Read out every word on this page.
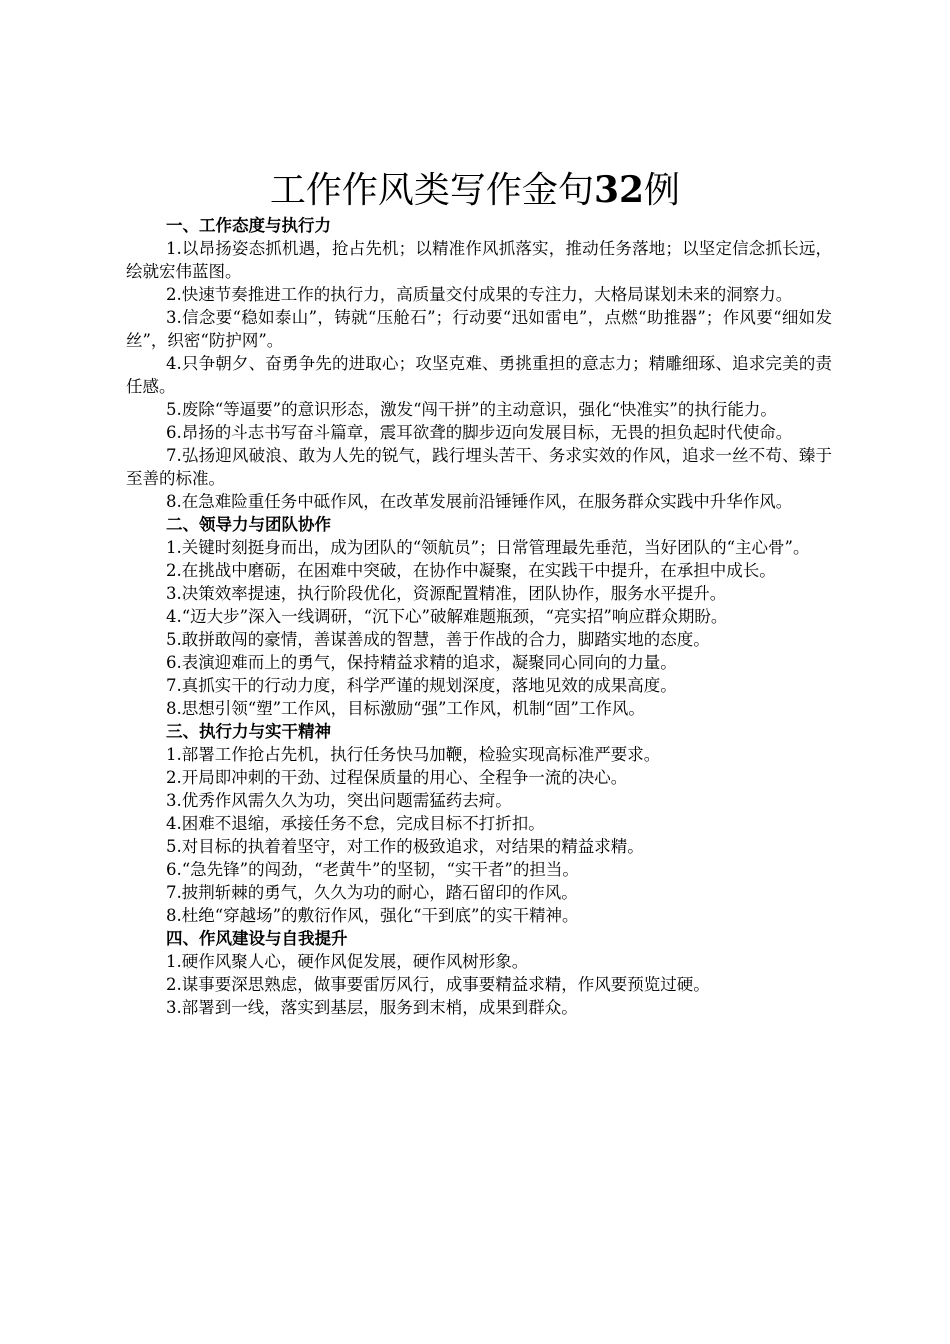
工作作风类写作金句32例

一、工作态度与执行力

1.以昂扬姿态抓机遇，抢占先机；以精准作风抓落实，推动任务落地；以坚定信念抓长远，绘就宏伟蓝图。

2.快速节奏推进工作的执行力，高质量交付成果的专注力，大格局谋划未来的洞察力。

3.信念要“稳如泰山”，铸就“压舱石”；行动要“迅如雷电”，点燃“助推器”；作风要“细如发丝”，织密“防护网”。

4.只争朝夕、奋勇争先的进取心；攻坚克难、勇挑重担的意志力；精雕细琢、追求完美的责任感。

5.废除“等逼要”的意识形态，激发“闯干拼”的主动意识，强化“快准实”的执行能力。

6.昂扬的斗志书写奋斗篇章，震耳欲聋的脚步迈向发展目标，无畏的担负起时代使命。

7.弘扬迎风破浪、敢为人先的锐气，践行埋头苦干、务求实效的作风，追求一丝不苟、臻于至善的标准。

8.在急难险重任务中砥作风，在改革发展前沿锤锤作风，在服务群众实践中升华作风。

二、领导力与团队协作

1.关键时刻挺身而出，成为团队的“领航员”；日常管理最先垂范，当好团队的“主心骨”。

2.在挑战中磨砺，在困难中突破，在协作中凝聚，在实践干中提升，在承担中成长。

3.决策效率提速，执行阶段优化，资源配置精准，团队协作，服务水平提升。

4.“迈大步”深入一线调研，“沉下心”破解难题瓶颈，“亮实招”响应群众期盼。

5.敢拼敢闯的豪情，善谋善成的智慧，善于作战的合力，脚踏实地的态度。

6.表演迎难而上的勇气，保持精益求精的追求，凝聚同心同向的力量。

7.真抓实干的行动力度，科学严谨的规划深度，落地见效的成果高度。

8.思想引领“塑”工作风，目标激励“强”工作风，机制“固”工作风。

三、执行力与实干精神

1.部署工作抢占先机，执行任务快马加鞭，检验实现高标准严要求。

2.开局即冲刺的干劲、过程保质量的用心、全程争一流的决心。

3.优秀作风需久久为功，突出问题需猛药去疴。

4.困难不退缩，承接任务不怠，完成目标不打折扣。

5.对目标的执着着坚守，对工作的极致追求，对结果的精益求精。

6.“急先锋”的闯劲，“老黄牛”的坚韧，“实干者”的担当。

7.披荆斩棘的勇气，久久为功的耐心，踏石留印的作风。

8.杜绝“穿越场”的敷衍作风，强化“干到底”的实干精神。

四、作风建设与自我提升

1.硬作风聚人心，硬作风促发展，硬作风树形象。

2.谋事要深思熟虑，做事要雷厉风行，成事要精益求精，作风要预览过硬。

3.部署到一线，落实到基层，服务到末梢，成果到群众。
